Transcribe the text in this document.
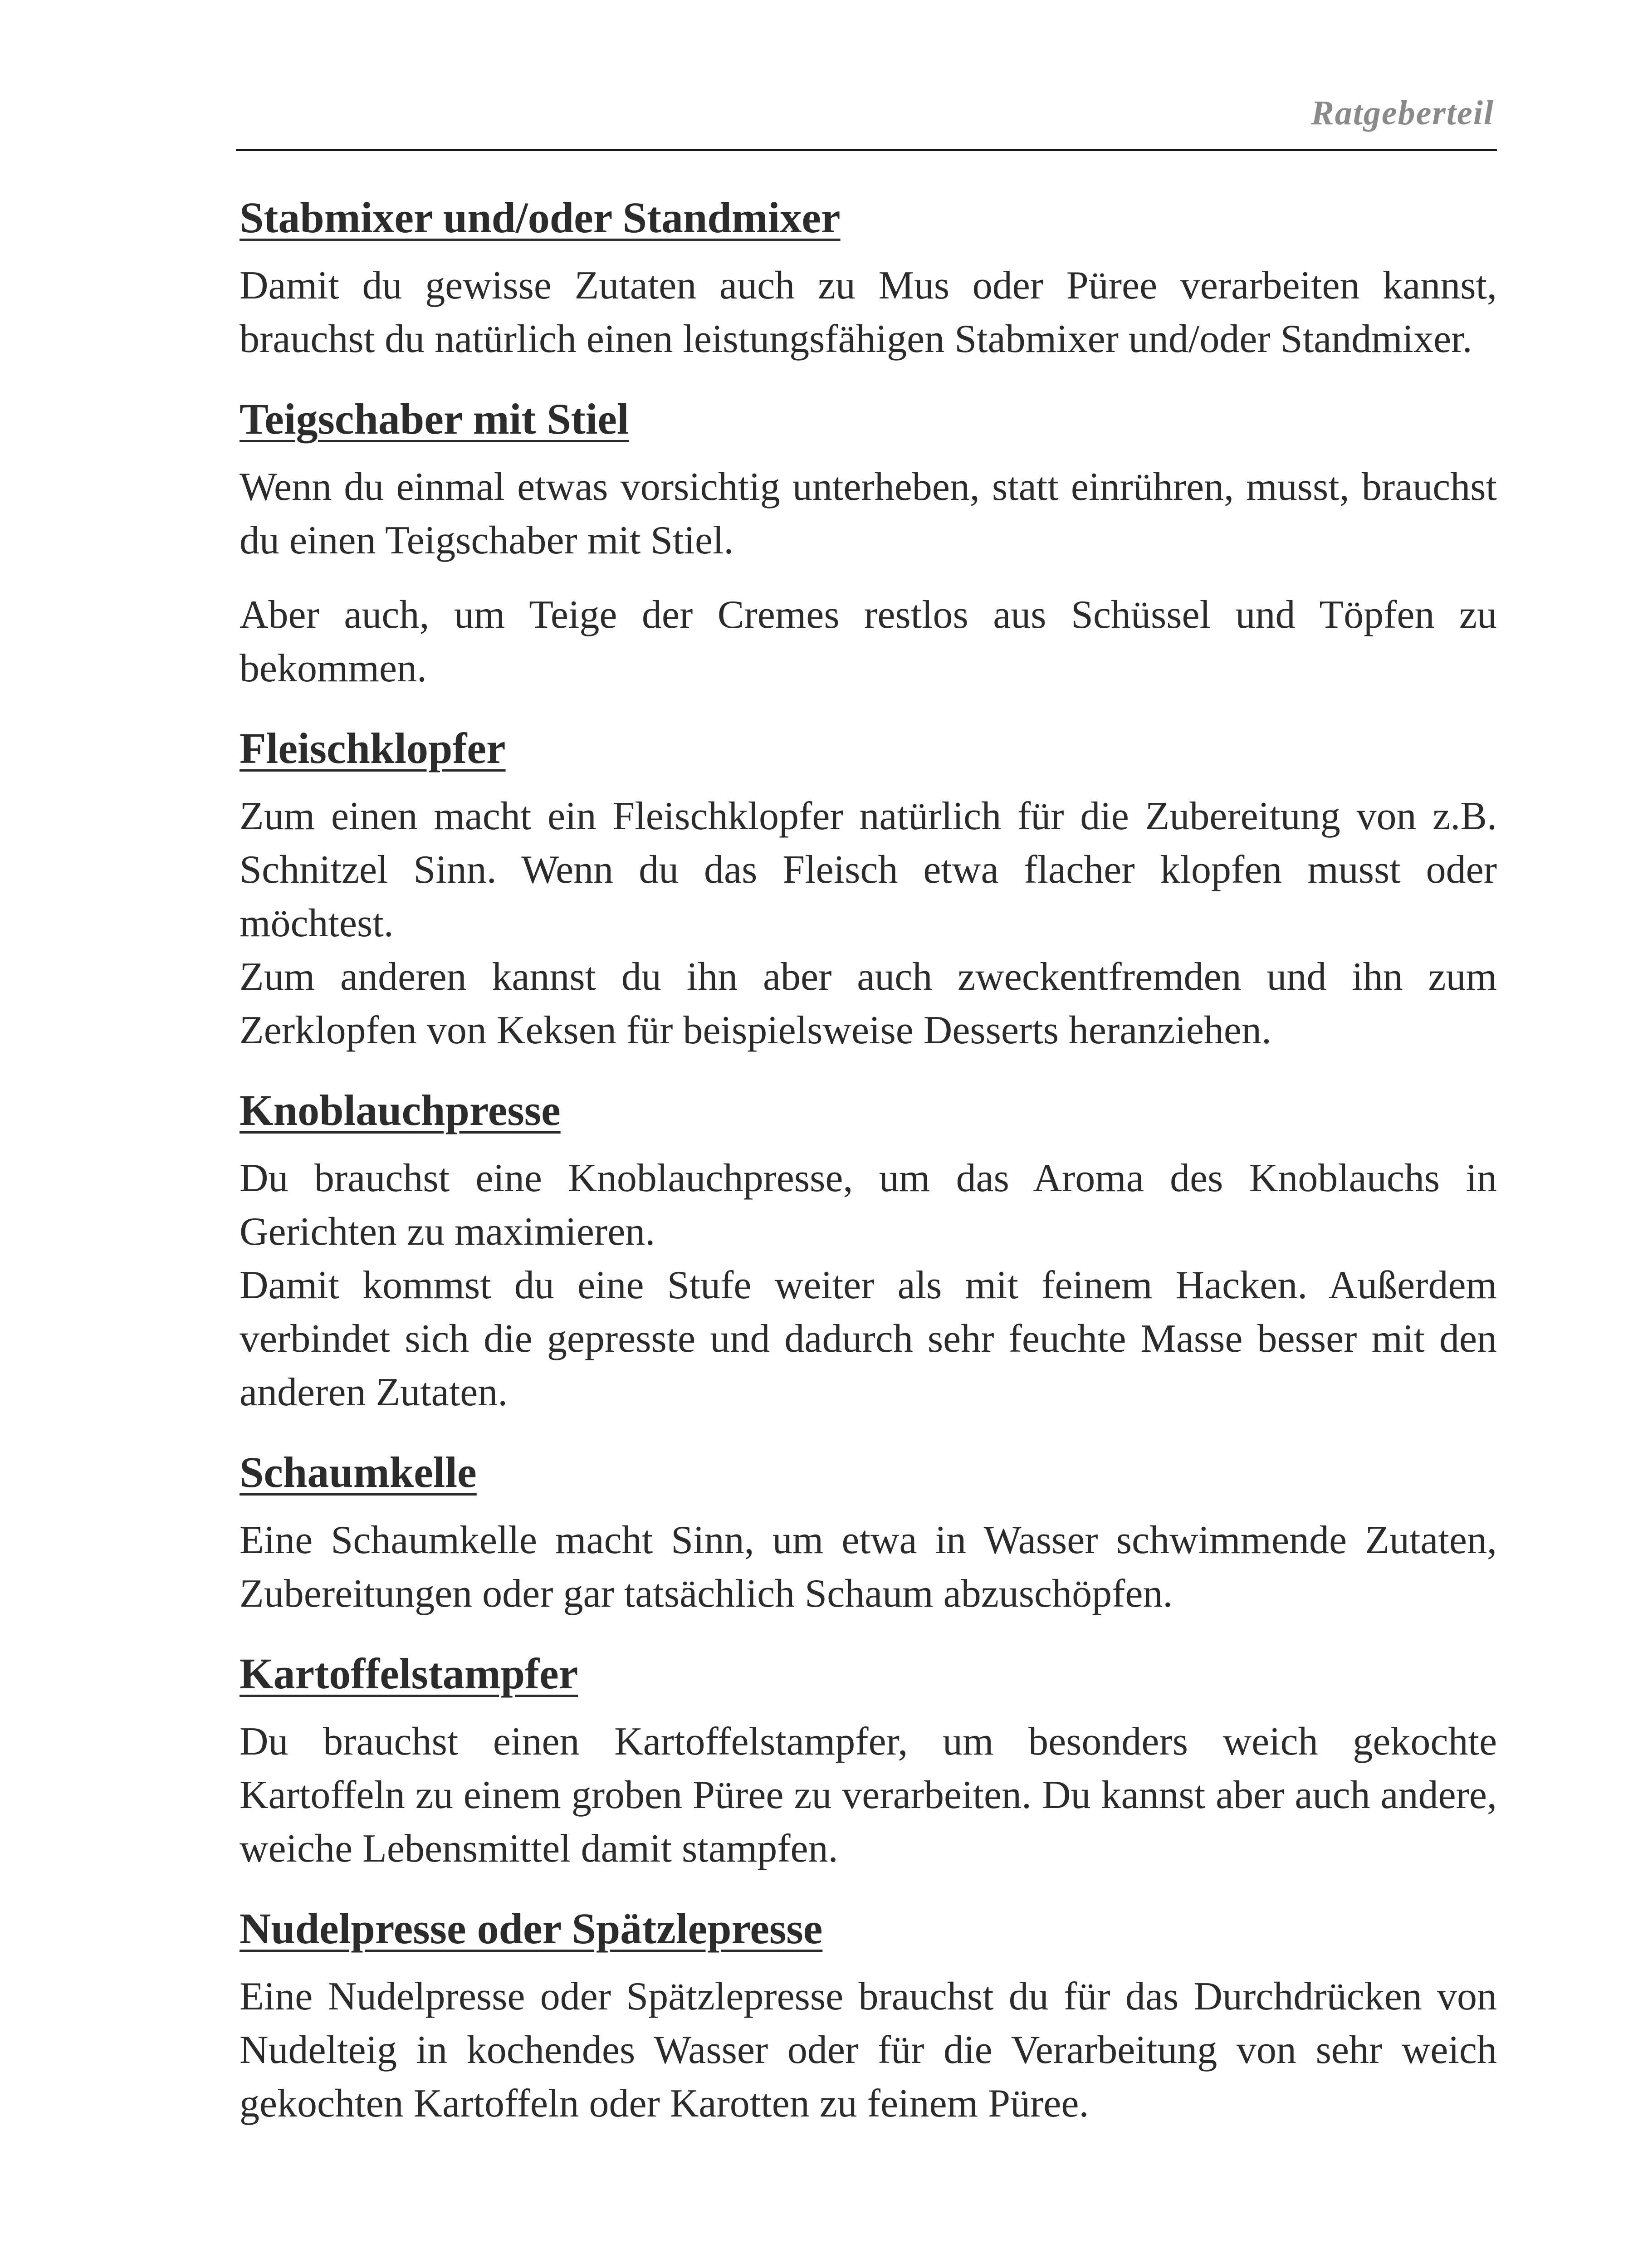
Ratgeberteil
Stabmixer und/oder Standmixer

Damit du gewisse Zutaten auch zu Mus oder Püree verarbeiten kannst, brauchst du natürlich einen leistungsfähigen Stabmixer und/oder Standmixer.

Teigschaber mit Stiel

Wenn du einmal etwas vorsichtig unterheben, statt einrühren, musst, brauchst du einen Teigschaber mit Stiel.

Aber auch, um Teige der Cremes restlos aus Schüssel und Töpfen zu bekommen.

Fleischklopfer

Zum einen macht ein Fleischklopfer natürlich für die Zubereitung von z.B. Schnitzel Sinn. Wenn du das Fleisch etwa flacher klopfen musst oder möchtest.

Zum anderen kannst du ihn aber auch zweckentfremden und ihn zum Zerklopfen von Keksen für beispielsweise Desserts heranziehen.

Knoblauchpresse

Du brauchst eine Knoblauchpresse, um das Aroma des Knoblauchs in Gerichten zu maximieren.

Damit kommst du eine Stufe weiter als mit feinem Hacken. Außerdem verbindet sich die gepresste und dadurch sehr feuchte Masse besser mit den anderen Zutaten.

Schaumkelle

Eine Schaumkelle macht Sinn, um etwa in Wasser schwimmende Zutaten, Zubereitungen oder gar tatsächlich Schaum abzuschöpfen.

Kartoffelstampfer

Du brauchst einen Kartoffelstampfer, um besonders weich gekochte Kartoffeln zu einem groben Püree zu verarbeiten. Du kannst aber auch andere, weiche Lebensmittel damit stampfen.

Nudelpresse oder Spätzlepresse

Eine Nudelpresse oder Spätzlepresse brauchst du für das Durchdrücken von Nudelteig in kochendes Wasser oder für die Verarbeitung von sehr weich gekochten Kartoffeln oder Karotten zu feinem Püree.
